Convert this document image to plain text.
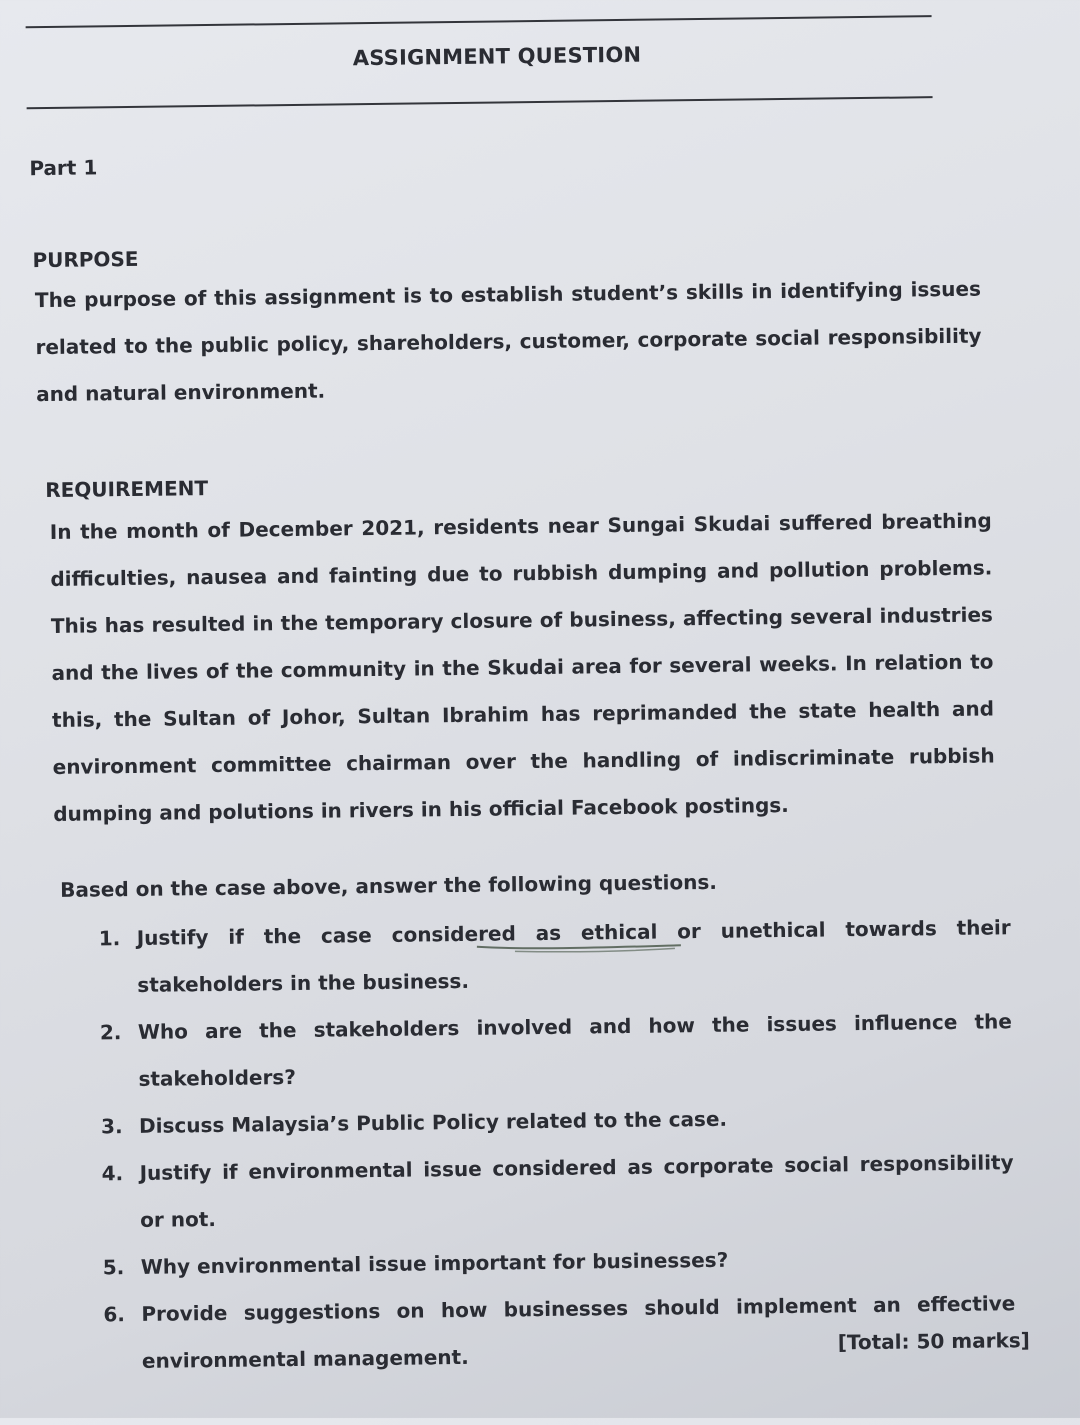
ASSIGNMENT QUESTION
Part 1
PURPOSE
The purpose of this assignment is to establish student’s skills in identifying issues related to the public policy, shareholders, customer, corporate social responsibility and natural environment.
REQUIREMENT
In the month of December 2021, residents near Sungai Skudai suffered breathing difficulties, nausea and fainting due to rubbish dumping and pollution problems. This has resulted in the temporary closure of business, affecting several industries and the lives of the community in the Skudai area for several weeks. In relation to this, the Sultan of Johor, Sultan Ibrahim has reprimanded the state health and environment committee chairman over the handling of indiscriminate rubbish dumping and polutions in rivers in his official Facebook postings.
Based on the case above, answer the following questions.
1. Justify if the case considered as ethical or unethical towards their stakeholders in the business.
2. Who are the stakeholders involved and how the issues influence the stakeholders?
3. Discuss Malaysia’s Public Policy related to the case.
4. Justify if environmental issue considered as corporate social responsibility or not.
5. Why environmental issue important for businesses?
6. Provide suggestions on how businesses should implement an effective environmental management.
[Total: 50 marks]
